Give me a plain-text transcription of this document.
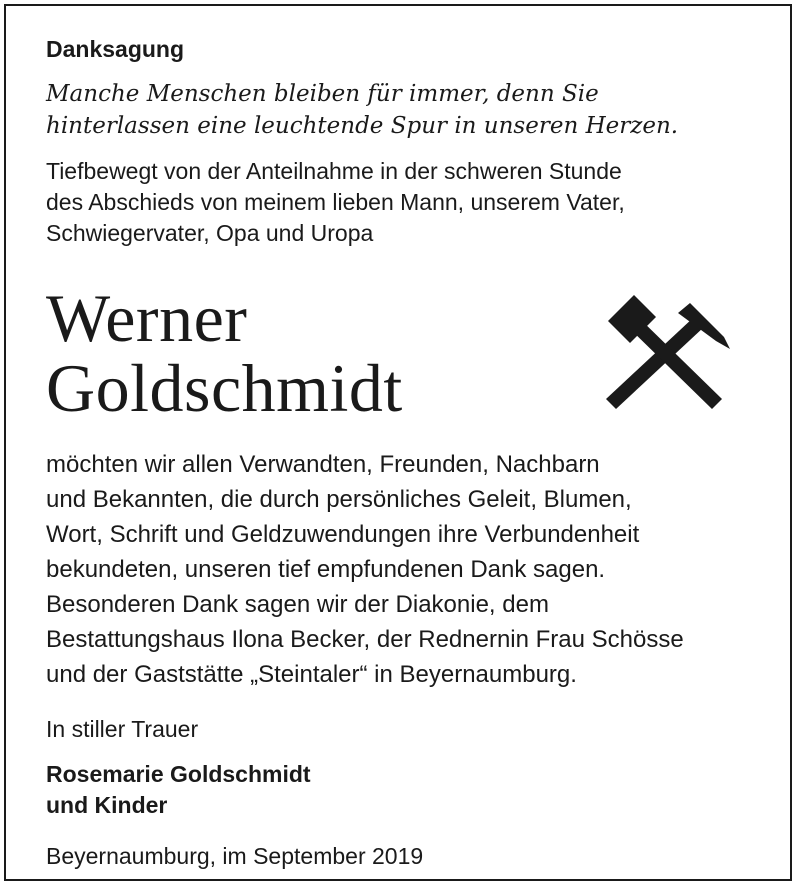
Danksagung
Manche Menschen bleiben für immer, denn Sie
hinterlassen eine leuchtende Spur in unseren Herzen.
Tiefbewegt von der Anteilnahme in der schweren Stunde
des Abschieds von meinem lieben Mann, unserem Vater,
Schwiegervater, Opa und Uropa
Werner
Goldschmidt
möchten wir allen Verwandten, Freunden, Nachbarn
und Bekannten, die durch persönliches Geleit, Blumen,
Wort, Schrift und Geldzuwendungen ihre Verbundenheit
bekundeten, unseren tief empfundenen Dank sagen.
Besonderen Dank sagen wir der Diakonie, dem
Bestattungshaus Ilona Becker, der Rednernin Frau Schösse
und der Gaststätte „Steintaler“ in Beyernaumburg.
In stiller Trauer
Rosemarie Goldschmidt
und Kinder
Beyernaumburg, im September 2019
